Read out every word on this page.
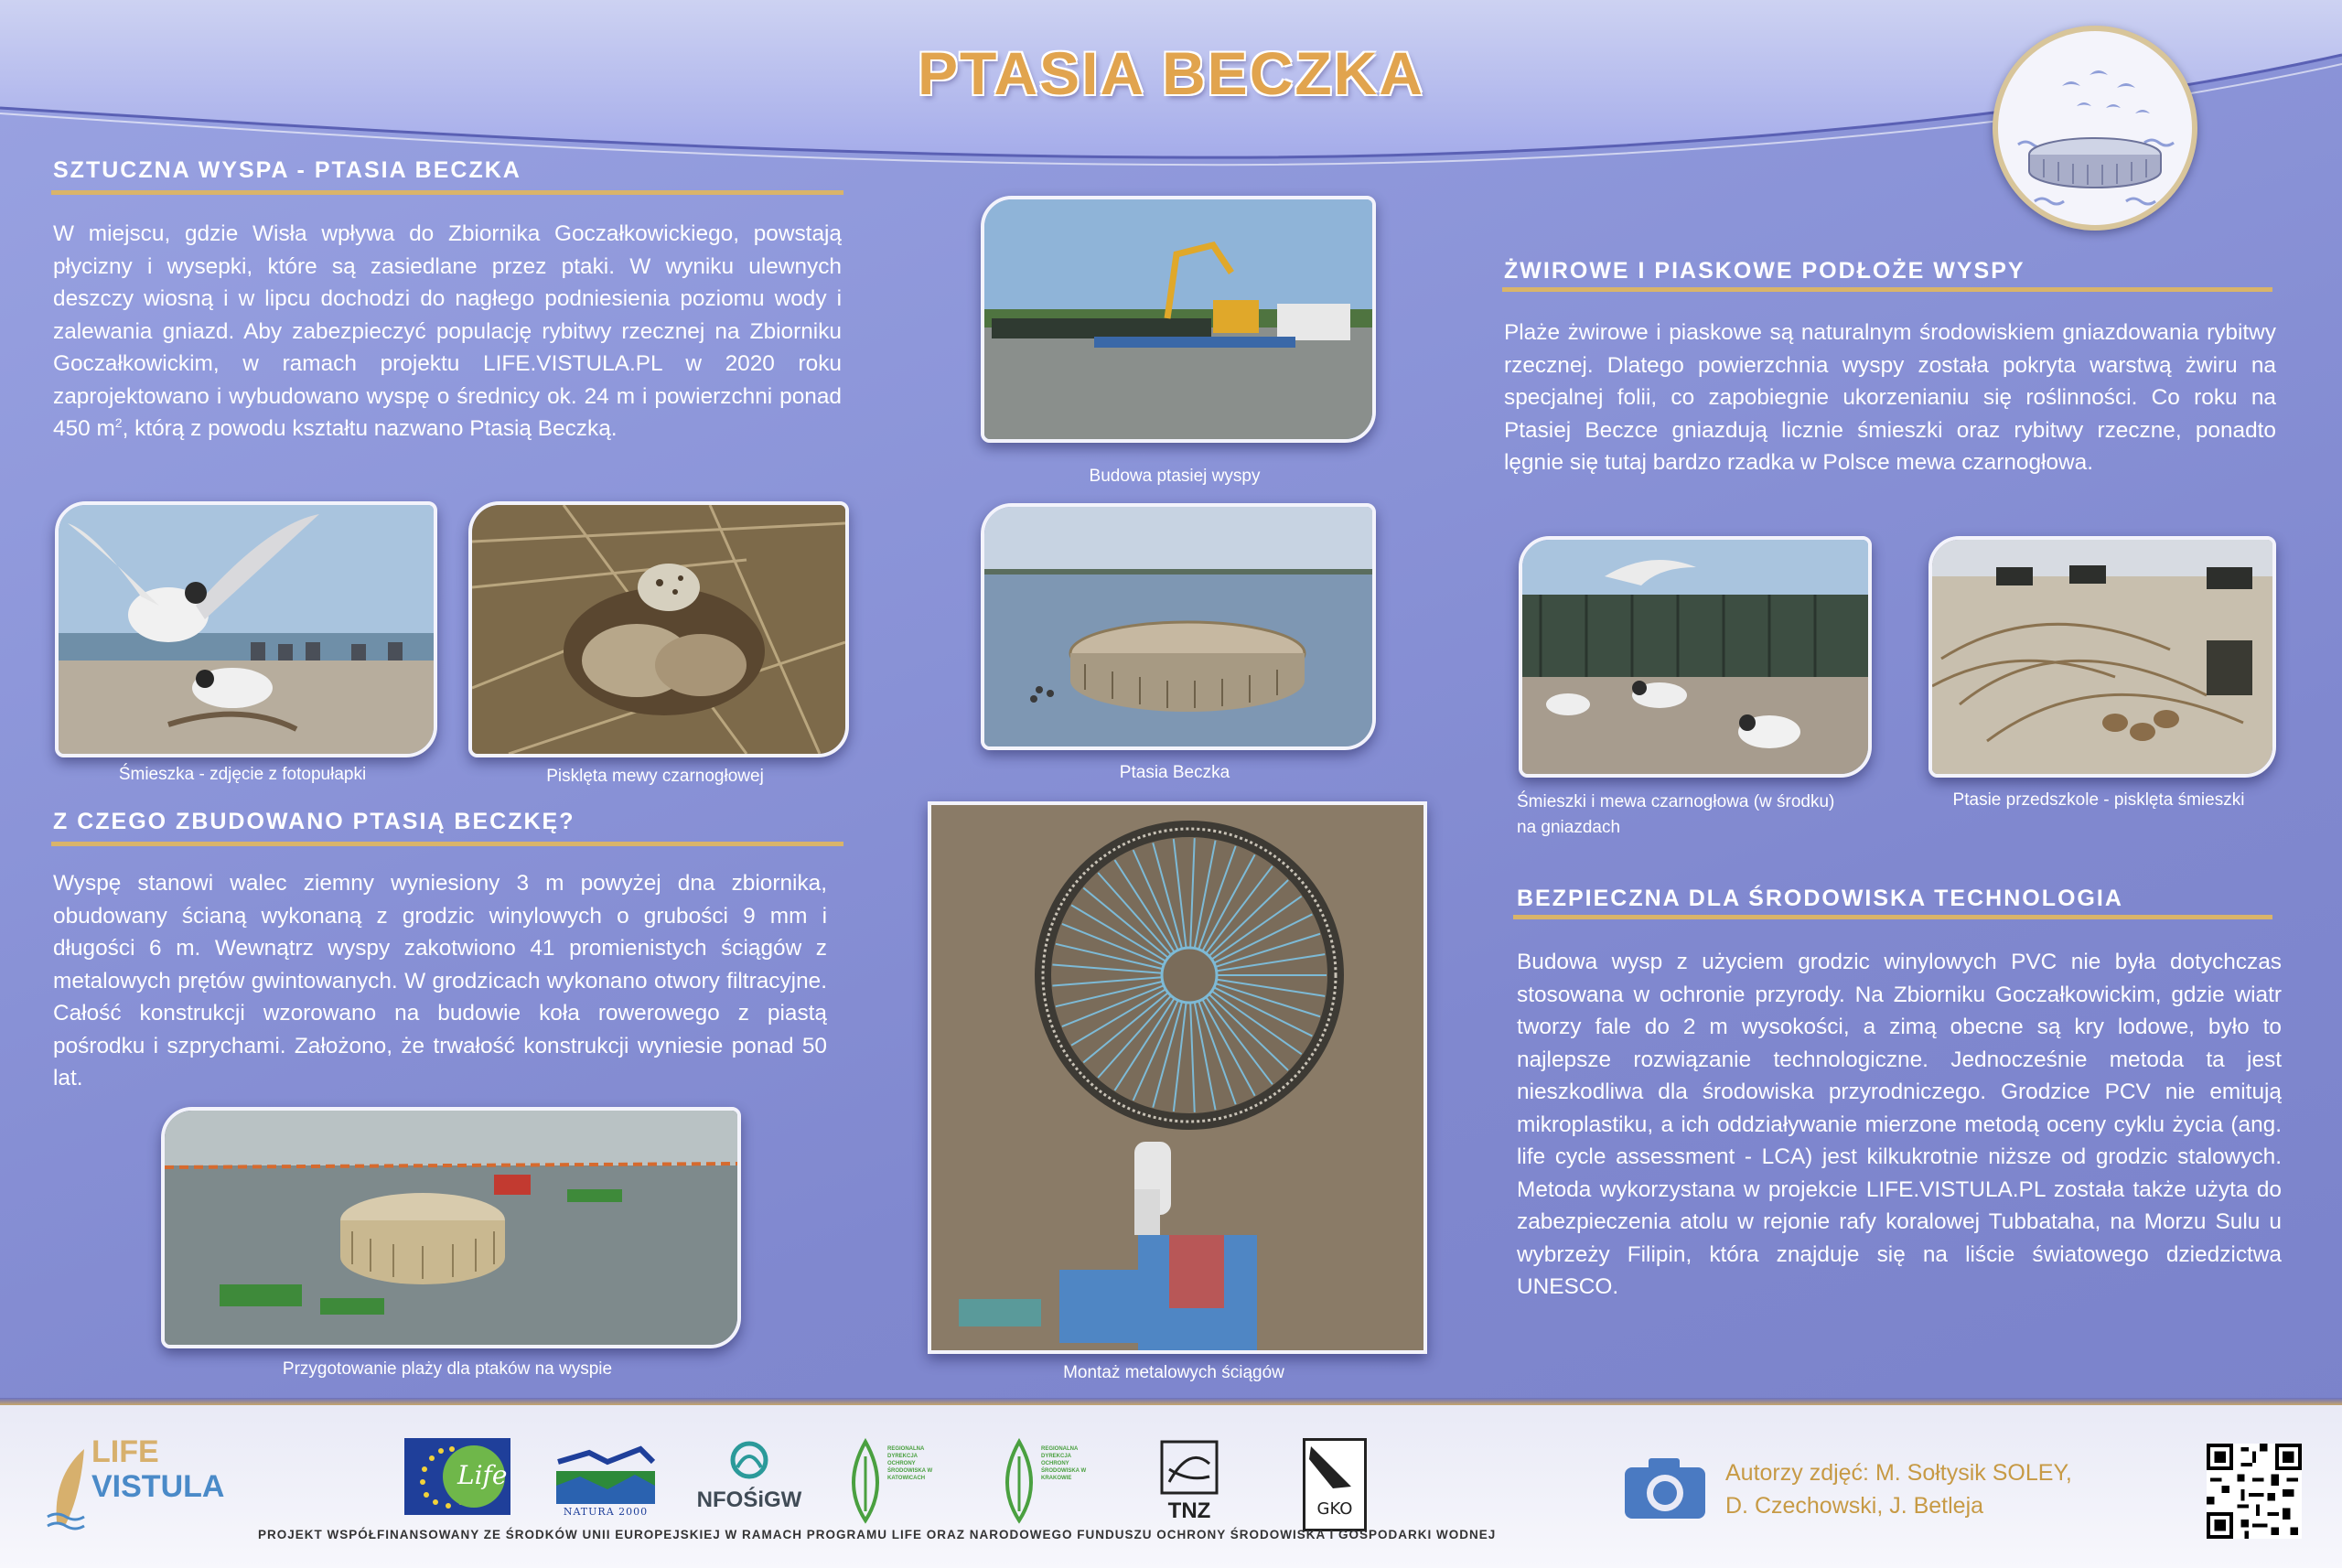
PTASIA BECZKA
SZTUCZNA WYSPA - PTASIA BECZKA
W miejscu, gdzie Wisła wpływa do Zbiornika Goczałkowickiego, powstają płycizny i wysepki, które są zasiedlane przez ptaki. W wyniku ulewnych deszczy wiosną i w lipcu dochodzi do nagłego podniesienia poziomu wody i zalewania gniazd. Aby zabezpieczyć populację rybitwy rzecznej na Zbiorniku Goczałkowickim, w ramach projektu LIFE.VISTULA.PL w 2020 roku zaprojektowano i wybudowano wyspę o średnicy ok. 24 m i powierzchni ponad 450 $m^2$, którą z powodu kształtu nazwano Ptasią Beczką.
Śmieszka - zdjęcie z fotopułapki	Pisklęta mewy czarnogłowej
Z CZEGO ZBUDOWANO PTASIĄ BECZKĘ?
Wyspę stanowi walec ziemny wyniesiony 3 m powyżej dna zbiornika, obudowany ścianą wykonaną z grodzic winylowych o grubości 9 mm i długości 6 m. Wewnątrz wyspy zakotwiono 41 promienistych ściągów z metalowych prętów gwintowanych. W grodzicach wykonano otwory filtracyjne. Całość konstrukcji wzorowano na budowie koła rowerowego z piastą pośrodku i szprychami. Założono, że trwałość konstrukcji wyniesie ponad 50 lat.
Przygotowanie plaży dla ptaków na wyspie
Budowa ptasiej wyspy
Ptasia Beczka
Montaż metalowych ściągów
ŻWIROWE I PIASKOWE PODŁOŻE WYSPY
Plaże żwirowe i piaskowe są naturalnym środowiskiem gniazdowania rybitwy rzecznej. Dlatego powierzchnia wyspy została pokryta warstwą żwiru na specjalnej folii, co zapobiegnie ukorzenianiu się roślinności. Co roku na Ptasiej Beczce gniazdują licznie śmieszki oraz rybitwy rzeczne, ponadto lęgnie się tutaj bardzo rzadka w Polsce mewa czarnogłowa.
Śmieszki i mewa czarnogłowa (w środku)
na gniazdach
Ptasie przedszkole - pisklęta śmieszki
BEZPIECZNA DLA ŚRODOWISKA TECHNOLOGIA
Budowa wysp z użyciem grodzic winylowych PVC nie była dotychczas stosowana w ochronie przyrody. Na Zbiorniku Goczałkowickim, gdzie wiatr tworzy fale do 2 m wysokości, a zimą obecne są kry lodowe, było to najlepsze rozwiązanie technologiczne. Jednocześnie metoda ta jest nieszkodliwa dla środowiska przyrodniczego. Grodzice PCV nie emitują mikroplastiku, a ich oddziaływanie mierzone metodą oceny cyklu życia (ang. life cycle assessment - LCA) jest kilkukrotnie niższe od grodzic stalowych. Metoda wykorzystana w projekcie LIFE.VISTULA.PL została także użyta do zabezpieczenia atolu w rejonie rafy koralowej Tubbataha, na Morzu Sulu u wybrzeży Filipin, która znajduje się na liście światowego dziedzictwa UNESCO.
LIFE
VISTULA	Life
NATURA 2000	NFOŚiGW
REGIONALNA DYREKCJA OCHRONY ŚRODOWISKA W KATOWICACH
REGIONALNA DYREKCJA OCHRONY ŚRODOWISKA W KRAKOWIE
TNZ	GKO
PROJEKT WSPÓŁFINANSOWANY ZE ŚRODKÓW UNII EUROPEJSKIEJ W RAMACH PROGRAMU LIFE ORAZ NARODOWEGO FUNDUSZU OCHRONY ŚRODOWISKA I GOSPODARKI WODNEJ
Autorzy zdjęć: M. Sołtysik SOLEY,
D. Czechowski, J. Betleja
